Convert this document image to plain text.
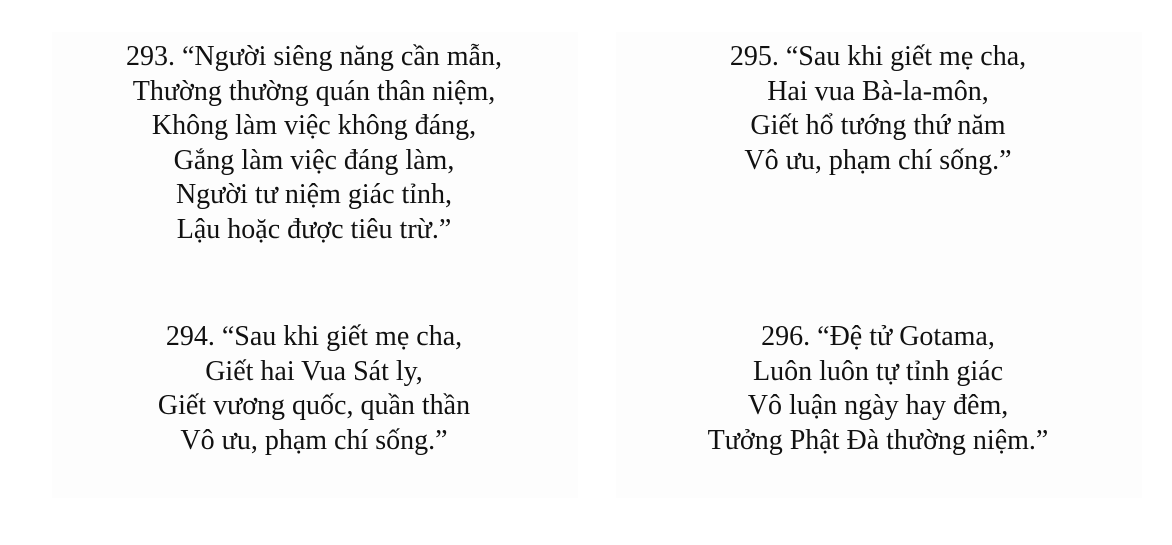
293. “Người siêng năng cần mẫn,
Thường thường quán thân niệm,
Không làm việc không đáng,
Gắng làm việc đáng làm,
Người tư niệm giác tỉnh,
Lậu hoặc được tiêu trừ.”
295. “Sau khi giết mẹ cha,
Hai vua Bà-la-môn,
Giết hổ tướng thứ năm
Vô ưu, phạm chí sống.”
294. “Sau khi giết mẹ cha,
Giết hai Vua Sát ly,
Giết vương quốc, quần thần
Vô ưu, phạm chí sống.”
296. “Đệ tử Gotama,
Luôn luôn tự tỉnh giác
Vô luận ngày hay đêm,
Tưởng Phật Đà thường niệm.”
